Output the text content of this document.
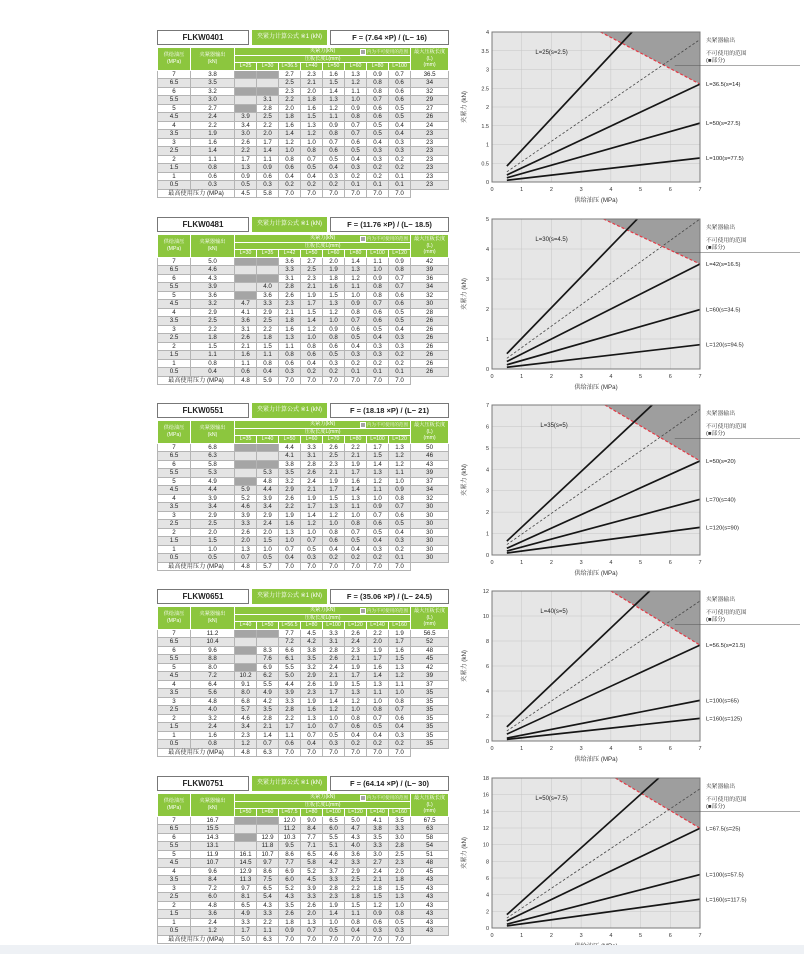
FLKW0401	夹紧力计算公式 ※1 (kN)	F = (7.64 ×P) / (L− 16)
供给油压
(MPa)

夹紧器输出
(kN)
	夹紧力(kN)	内为不可使用的范围	最大压板长度
(L)
(mm)

		压板长度L(mm)								
		L=25	L=30	L=36.5	L=40	L=50	L=60	L=80	L=100	
7	3.8			2.7	2.3	1.6	1.3	0.9	0.7	36.5
6.5	3.5			2.5	2.1	1.5	1.2	0.8	0.6	34
6	3.2			2.3	2.0	1.4	1.1	0.8	0.6	32
5.5	3.0		3.1	2.2	1.8	1.3	1.0	0.7	0.6	29
5	2.7		2.8	2.0	1.6	1.2	0.9	0.6	0.5	27
4.5	2.4	3.9	2.5	1.8	1.5	1.1	0.8	0.6	0.5	26
4	2.2	3.4	2.2	1.6	1.3	0.9	0.7	0.5	0.4	24
3.5	1.9	3.0	2.0	1.4	1.2	0.8	0.7	0.5	0.4	23
3	1.6	2.6	1.7	1.2	1.0	0.7	0.6	0.4	0.3	23
2.5	1.4	2.2	1.4	1.0	0.8	0.6	0.5	0.3	0.3	23
2	1.1	1.7	1.1	0.8	0.7	0.5	0.4	0.3	0.2	23
1.5	0.8	1.3	0.9	0.6	0.5	0.4	0.3	0.2	0.2	23
1	0.6	0.9	0.6	0.4	0.4	0.3	0.2	0.2	0.1	23
0.5	0.3	0.5	0.3	0.2	0.2	0.2	0.1	0.1	0.1	23
最高使用压力 (MPa)		4.5	5.8	7.0	7.0	7.0	7.0	7.0	7.0		0	1	2	3	4	5	6	7
0
0.5
1
1.5
2
2.5
3
3.5
4
供给油压 (MPa)
夹紧力 (kN)
L=25(s=2.5)
夹紧器输出
不可使用的范围
(■部分)
L=36.5(s=14)
L=50(s=27.5)
L=100(s=77.5)
FLKW0481	夹紧力计算公式 ※1 (kN)	F = (11.76 ×P) / (L− 18.5)
供给油压
(MPa)

夹紧器输出
(kN)
	夹紧力(kN)	内为不可使用的范围	最大压板长度
(L)
(mm)

		压板长度L(mm)								
		L=30	L=35	L=42	L=50	L=60	L=80	L=100	L=120	
7	5.0			3.6	2.7	2.0	1.4	1.1	0.9	42
6.5	4.6			3.3	2.5	1.9	1.3	1.0	0.8	39
6	4.3			3.1	2.3	1.8	1.2	0.9	0.7	36
5.5	3.9		4.0	2.8	2.1	1.6	1.1	0.8	0.7	34
5	3.6		3.6	2.6	1.9	1.5	1.0	0.8	0.6	32
4.5	3.2	4.7	3.3	2.3	1.7	1.3	0.9	0.7	0.6	30
4	2.9	4.1	2.9	2.1	1.5	1.2	0.8	0.6	0.5	28
3.5	2.5	3.6	2.5	1.8	1.4	1.0	0.7	0.6	0.5	26
3	2.2	3.1	2.2	1.6	1.2	0.9	0.6	0.5	0.4	26
2.5	1.8	2.6	1.8	1.3	1.0	0.8	0.5	0.4	0.3	26
2	1.5	2.1	1.5	1.1	0.8	0.6	0.4	0.3	0.3	26
1.5	1.1	1.6	1.1	0.8	0.6	0.5	0.3	0.3	0.2	26
1	0.8	1.1	0.8	0.6	0.4	0.3	0.2	0.2	0.2	26
0.5	0.4	0.6	0.4	0.3	0.2	0.2	0.1	0.1	0.1	26
最高使用压力 (MPa)		4.8	5.9	7.0	7.0	7.0	7.0	7.0	7.0		0	1	2	3	4	5	6	7
0
1
2
3
4
5
供给油压 (MPa)
夹紧力 (kN)
L=30(s=4.5)
夹紧器输出
不可使用的范围
(■部分)
L=42(s=16.5)
L=60(s=34.5)
L=120(s=94.5)
FLKW0551	夹紧力计算公式 ※1 (kN)	F = (18.18 ×P) / (L− 21)
供给油压
(MPa)

夹紧器输出
(kN)
	夹紧力(kN)	内为不可使用的范围	最大压板长度
(L)
(mm)

		压板长度L(mm)								
		L=35	L=40	L=50	L=60	L=70	L=80	L=100	L=120	
7	6.8			4.4	3.3	2.6	2.2	1.7	1.3	50
6.5	6.3			4.1	3.1	2.5	2.1	1.5	1.2	46
6	5.8			3.8	2.8	2.3	1.9	1.4	1.2	43
5.5	5.3		5.3	3.5	2.6	2.1	1.7	1.3	1.1	39
5	4.9		4.8	3.2	2.4	1.9	1.6	1.2	1.0	37
4.5	4.4	5.9	4.4	2.9	2.1	1.7	1.4	1.1	0.9	34
4	3.9	5.2	3.9	2.6	1.9	1.5	1.3	1.0	0.8	32
3.5	3.4	4.6	3.4	2.2	1.7	1.3	1.1	0.9	0.7	30
3	2.9	3.9	2.9	1.9	1.4	1.2	1.0	0.7	0.6	30
2.5	2.5	3.3	2.4	1.6	1.2	1.0	0.8	0.6	0.5	30
2	2.0	2.6	2.0	1.3	1.0	0.8	0.7	0.5	0.4	30
1.5	1.5	2.0	1.5	1.0	0.7	0.6	0.5	0.4	0.3	30
1	1.0	1.3	1.0	0.7	0.5	0.4	0.4	0.3	0.2	30
0.5	0.5	0.7	0.5	0.4	0.3	0.2	0.2	0.2	0.1	30
最高使用压力 (MPa)		4.8	5.7	7.0	7.0	7.0	7.0	7.0	7.0		0	1	2	3	4	5	6	7
0
1
2
3
4
5
6
7
供给油压 (MPa)
夹紧力 (kN)
L=35(s=5)
夹紧器输出
不可使用的范围
(■部分)
L=50(s=20)
L=70(s=40)
L=120(s=90)
FLKW0651	夹紧力计算公式 ※1 (kN)	F = (35.06 ×P) / (L− 24.5)
供给油压
(MPa)

夹紧器输出
(kN)
	夹紧力(kN)	内为不可使用的范围	最大压板长度
(L)
(mm)

		压板长度L(mm)								
		L=40	L=50	L=56.5	L=80	L=100	L=120	L=140	L=160	
7	11.2			7.7	4.5	3.3	2.6	2.2	1.9	56.5
6.5	10.4			7.2	4.2	3.1	2.4	2.0	1.7	52
6	9.6		8.3	6.6	3.8	2.8	2.3	1.9	1.6	48
5.5	8.8		7.6	6.1	3.5	2.6	2.1	1.7	1.5	45
5	8.0		6.9	5.5	3.2	2.4	1.9	1.6	1.3	42
4.5	7.2	10.2	6.2	5.0	2.9	2.1	1.7	1.4	1.2	39
4	6.4	9.1	5.5	4.4	2.6	1.9	1.5	1.3	1.1	37
3.5	5.6	8.0	4.9	3.9	2.3	1.7	1.3	1.1	1.0	35
3	4.8	6.8	4.2	3.3	1.9	1.4	1.2	1.0	0.8	35
2.5	4.0	5.7	3.5	2.8	1.6	1.2	1.0	0.8	0.7	35
2	3.2	4.6	2.8	2.2	1.3	1.0	0.8	0.7	0.6	35
1.5	2.4	3.4	2.1	1.7	1.0	0.7	0.6	0.5	0.4	35
1	1.6	2.3	1.4	1.1	0.7	0.5	0.4	0.4	0.3	35
0.5	0.8	1.2	0.7	0.6	0.4	0.3	0.2	0.2	0.2	35
最高使用压力 (MPa)		4.8	6.3	7.0	7.0	7.0	7.0	7.0	7.0		0	1	2	3	4	5	6	7
0
2
4
6
8
10
12
供给油压 (MPa)
夹紧力 (kN)
L=40(s=5)
夹紧器输出
不可使用的范围
(■部分)
L=56.5(s=21.5)
L=100(s=65)
L=160(s=125)
FLKW0751	夹紧力计算公式 ※1 (kN)	F = (64.14 ×P) / (L− 30)
供给油压
(MPa)

夹紧器输出
(kN)
	夹紧力(kN)	内为不可使用的范围	最大压板长度
(L)
(mm)

		压板长度L(mm)								
		L=50	L=60	L=67.5	L=80	L=100	L=120	L=140	L=160	
7	16.7			12.0	9.0	6.5	5.0	4.1	3.5	67.5
6.5	15.5			11.2	8.4	6.0	4.7	3.8	3.3	63
6	14.3		12.9	10.3	7.7	5.5	4.3	3.5	3.0	58
5.5	13.1		11.8	9.5	7.1	5.1	4.0	3.3	2.8	54
5	11.9	16.1	10.7	8.6	6.5	4.6	3.6	3.0	2.5	51
4.5	10.7	14.5	9.7	7.7	5.8	4.2	3.3	2.7	2.3	48
4	9.6	12.9	8.6	6.9	5.2	3.7	2.9	2.4	2.0	45
3.5	8.4	11.3	7.5	6.0	4.5	3.3	2.5	2.1	1.8	43
3	7.2	9.7	6.5	5.2	3.9	2.8	2.2	1.8	1.5	43
2.5	6.0	8.1	5.4	4.3	3.3	2.3	1.8	1.5	1.3	43
2	4.8	6.5	4.3	3.5	2.6	1.9	1.5	1.2	1.0	43
1.5	3.6	4.9	3.3	2.6	2.0	1.4	1.1	0.9	0.8	43
1	2.4	3.3	2.2	1.8	1.3	1.0	0.8	0.6	0.5	43
0.5	1.2	1.7	1.1	0.9	0.7	0.5	0.4	0.3	0.3	43
最高使用压力 (MPa)		5.0	6.3	7.0	7.0	7.0	7.0	7.0	7.0		0	1	2	3	4	5	6	7
0
2
4
6
8
10
12
14
16
18
夹紧力 (kN)
L=50(s=7.5)
夹紧器输出
不可使用的范围
(■部分)
L=67.5(s=25)
L=100(s=57.5)
L=160(s=117.5)
